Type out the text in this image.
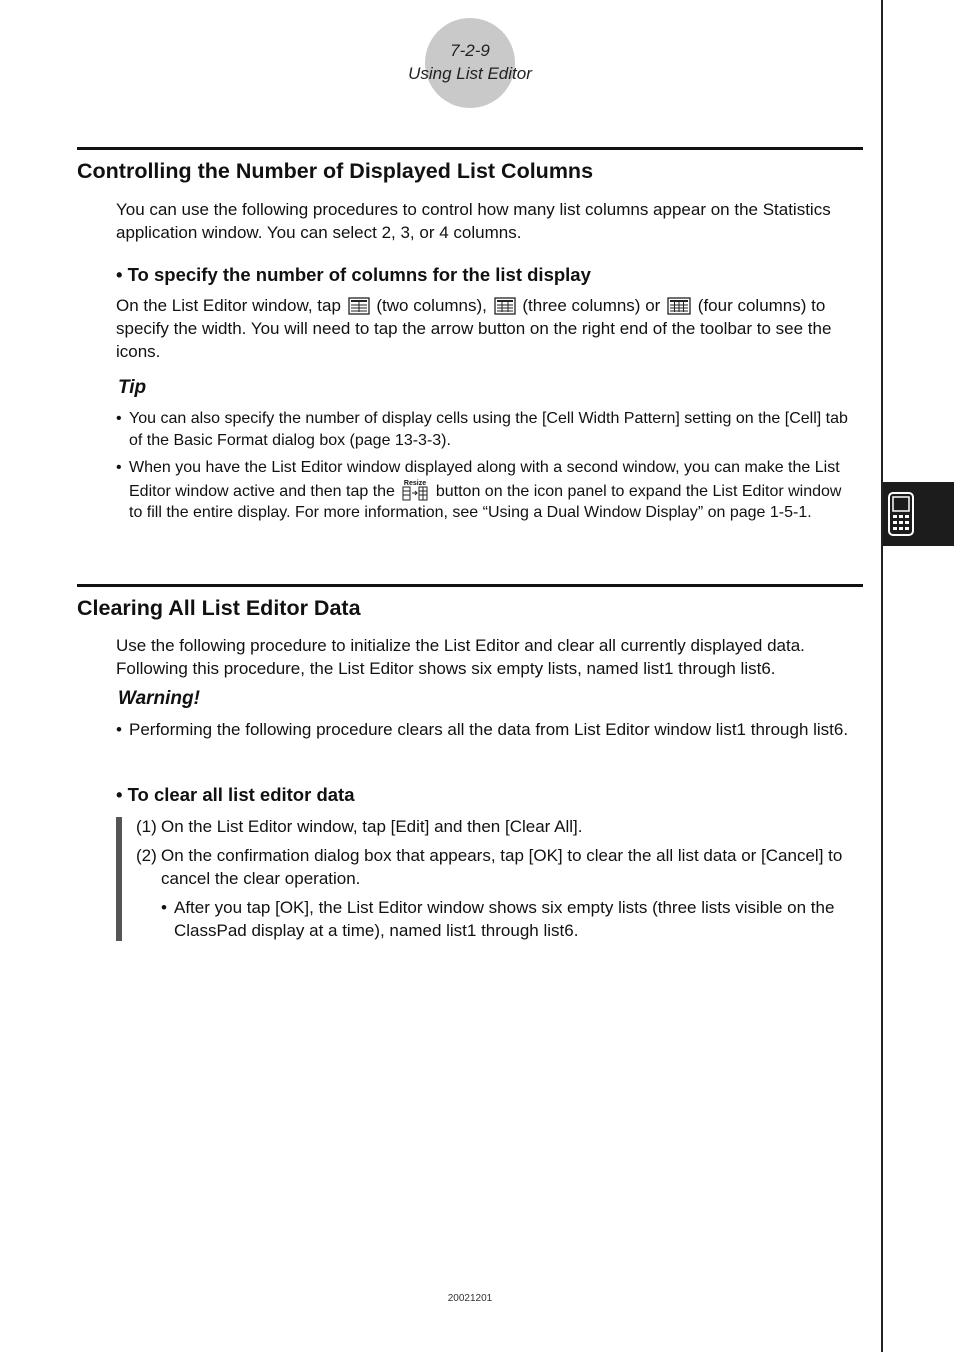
7-2-9
Using List Editor
Controlling the Number of Displayed List Columns

You can use the following procedures to control how many list columns appear on the Statistics application window. You can select 2, 3, or 4 columns.

• To specify the number of columns for the list display

On the List Editor window, tap (two columns), (three columns) or (four columns) to specify the width. You will need to tap the arrow button on the right end of the toolbar to see the icons.

Tip

• You can also specify the number of display cells using the [Cell Width Pattern] setting on the [Cell] tab of the Basic Format dialog box (page 13-3-3).

• When you have the List Editor window displayed along with a second window, you can make the List Editor window active and then tap the Resize button on the icon panel to expand the List Editor window to fill the entire display. For more information, see “Using a Dual Window Display” on page 1-5-1.

Clearing All List Editor Data

Use the following procedure to initialize the List Editor and clear all currently displayed data. Following this procedure, the List Editor shows six empty lists, named list1 through list6.

Warning!

• Performing the following procedure clears all the data from List Editor window list1 through list6.

• To clear all list editor data

(1) On the List Editor window, tap [Edit] and then [Clear All].

(2) On the confirmation dialog box that appears, tap [OK] to clear the all list data or [Cancel] to cancel the clear operation.

• After you tap [OK], the List Editor window shows six empty lists (three lists visible on the ClassPad display at a time), named list1 through list6.

20021201
